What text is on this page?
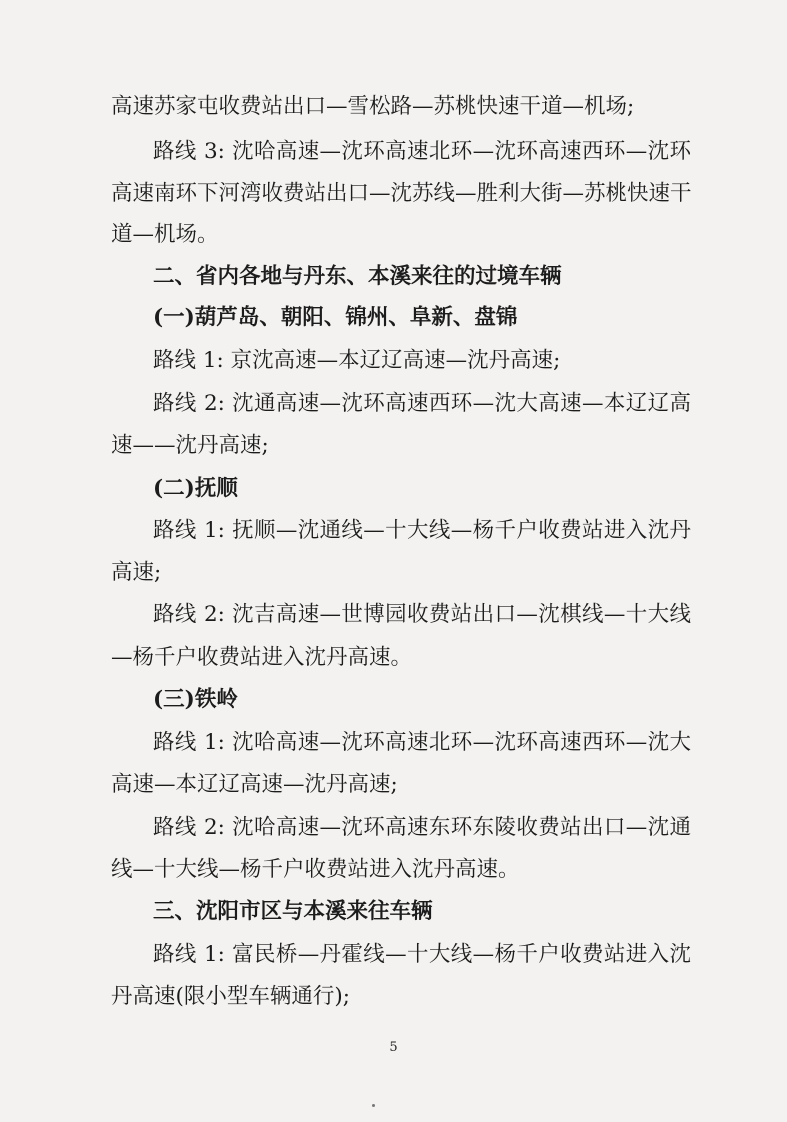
高速苏家屯收费站出口—雪松路—苏桃快速干道—机场;
路线 3: 沈哈高速—沈环高速北环—沈环高速西环—沈环
高速南环下河湾收费站出口—沈苏线—胜利大街—苏桃快速干
道—机场。
二、省内各地与丹东、本溪来往的过境车辆
(一)葫芦岛、朝阳、锦州、阜新、盘锦
路线 1: 京沈高速—本辽辽高速—沈丹高速;
路线 2: 沈通高速—沈环高速西环—沈大高速—本辽辽高
速——沈丹高速;
(二)抚顺
路线 1: 抚顺—沈通线—十大线—杨千户收费站进入沈丹
高速;
路线 2: 沈吉高速—世博园收费站出口—沈棋线—十大线
—杨千户收费站进入沈丹高速。
(三)铁岭
路线 1: 沈哈高速—沈环高速北环—沈环高速西环—沈大
高速—本辽辽高速—沈丹高速;
路线 2: 沈哈高速—沈环高速东环东陵收费站出口—沈通
线—十大线—杨千户收费站进入沈丹高速。
三、沈阳市区与本溪来往车辆
路线 1: 富民桥—丹霍线—十大线—杨千户收费站进入沈
丹高速(限小型车辆通行);
5
